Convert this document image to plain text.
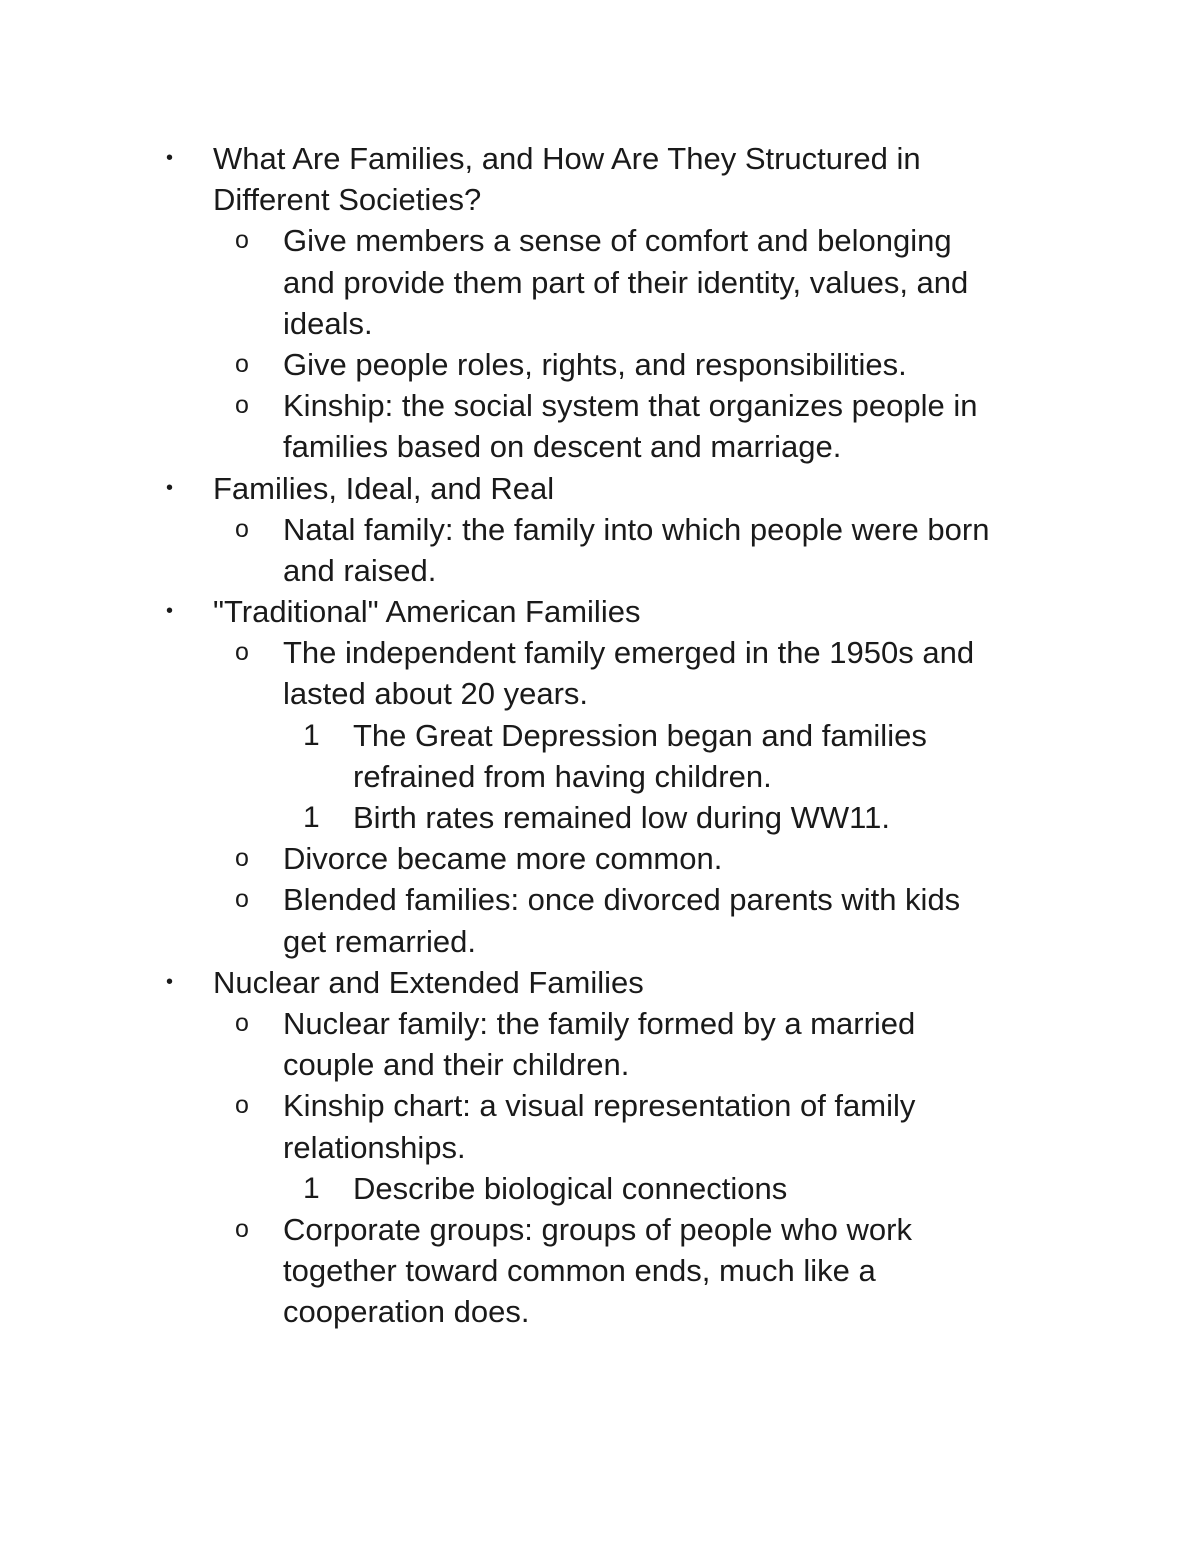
• What Are Families, and How Are They Structured in
Different Societies?
o Give members a sense of comfort and belonging
and provide them part of their identity, values, and
ideals.
o Give people roles, rights, and responsibilities.
o Kinship: the social system that organizes people in
families based on descent and marriage.
• Families, Ideal, and Real
o Natal family: the family into which people were born
and raised.
• "Traditional" American Families
o The independent family emerged in the 1950s and
lasted about 20 years.
1 The Great Depression began and families
refrained from having children.
1 Birth rates remained low during WW11.
o Divorce became more common.
o Blended families: once divorced parents with kids
get remarried.
• Nuclear and Extended Families
o Nuclear family: the family formed by a married
couple and their children.
o Kinship chart: a visual representation of family
relationships.
1 Describe biological connections
o Corporate groups: groups of people who work
together toward common ends, much like a
cooperation does.
